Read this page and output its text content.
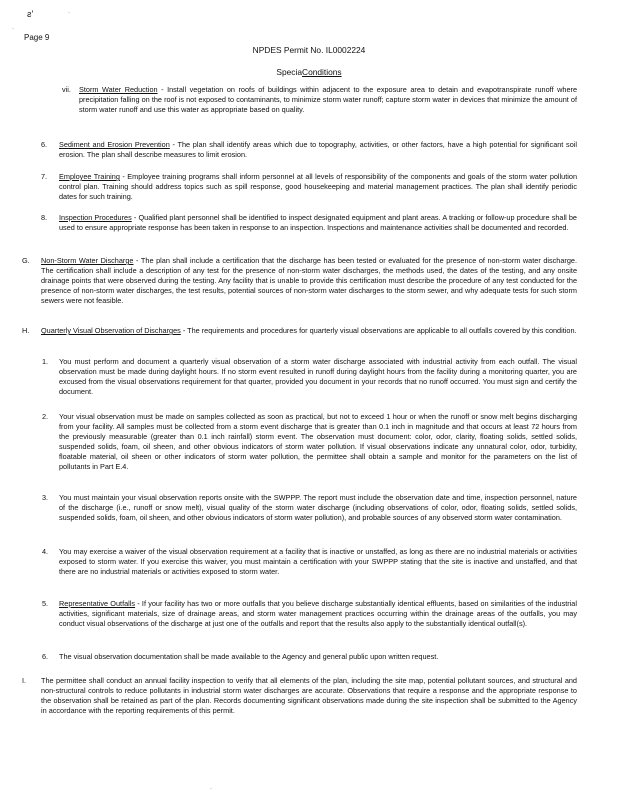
ƨ'	·
·
·
Page 9
NPDES Permit No. IL0002224
SpeciaConditions
vii. Storm Water Reduction - Install vegetation on roofs of buildings within adjacent to the exposure area to detain and evapotranspirate runoff where precipitation falling on the roof is not exposed to contaminants, to minimize storm water runoff; capture storm water in devices that minimize the amount of storm water runoff and use this water as appropriate based on quality.
6. Sediment and Erosion Prevention - The plan shall identify areas which due to topography, activities, or other factors, have a high potential for significant soil erosion. The plan shall describe measures to limit erosion.
7. Employee Training - Employee training programs shall inform personnel at all levels of responsibility of the components and goals of the storm water pollution control plan. Training should address topics such as spill response, good housekeeping and material management practices. The plan shall identify periodic dates for such training.
8. Inspection Procedures - Qualified plant personnel shall be identified to inspect designated equipment and plant areas. A tracking or follow-up procedure shall be used to ensure appropriate response has been taken in response to an inspection. Inspections and maintenance activities shall be documented and recorded.
G. Non-Storm Water Discharge - The plan shall include a certification that the discharge has been tested or evaluated for the presence of non-storm water discharge. The certification shall include a description of any test for the presence of non-storm water discharges, the methods used, the dates of the testing, and any onsite drainage points that were observed during the testing. Any facility that is unable to provide this certification must describe the procedure of any test conducted for the presence of non-storm water discharges, the test results, potential sources of non-storm water discharges to the storm sewer, and why adequate tests for such storm sewers were not feasible.
H. Quarterly Visual Observation of Discharges - The requirements and procedures for quarterly visual observations are applicable to all outfalls covered by this condition.
1. You must perform and document a quarterly visual observation of a storm water discharge associated with industrial activity from each outfall. The visual observation must be made during daylight hours. If no storm event resulted in runoff during daylight hours from the facility during a monitoring quarter, you are excused from the visual observations requirement for that quarter, provided you document in your records that no runoff occurred. You must sign and certify the document.
2. Your visual observation must be made on samples collected as soon as practical, but not to exceed 1 hour or when the runoff or snow melt begins discharging from your facility. All samples must be collected from a storm event discharge that is greater than 0.1 inch in magnitude and that occurs at least 72 hours from the previously measurable (greater than 0.1 inch rainfall) storm event. The observation must document: color, odor, clarity, floating solids, settled solids, suspended solids, foam, oil sheen, and other obvious indicators of storm water pollution. If visual observations indicate any unnatural color, odor, turbidity, floatable material, oil sheen or other indicators of storm water pollution, the permittee shall obtain a sample and monitor for the parameters on the list of pollutants in Part E.4.
3. You must maintain your visual observation reports onsite with the SWPPP. The report must include the observation date and time, inspection personnel, nature of the discharge (i.e., runoff or snow melt), visual quality of the storm water discharge (including observations of color, odor, floating solids, settled solids, suspended solids, foam, oil sheen, and other obvious indicators of storm water pollution), and probable sources of any observed storm water contamination.
4. You may exercise a waiver of the visual observation requirement at a facility that is inactive or unstaffed, as long as there are no industrial materials or activities exposed to storm water. If you exercise this waiver, you must maintain a certification with your SWPPP stating that the site is inactive and unstaffed, and that there are no industrial materials or activities exposed to storm water.
5. Representative Outfalls - If your facility has two or more outfalls that you believe discharge substantially identical effluents, based on similarities of the industrial activities, significant materials, size of drainage areas, and storm water management practices occurring within the drainage areas of the outfalls, you may conduct visual observations of the discharge at just one of the outfalls and report that the results also apply to the substantially identical outfall(s).
6. The visual observation documentation shall be made available to the Agency and general public upon written request.
I. The permittee shall conduct an annual facility inspection to verify that all elements of the plan, including the site map, potential pollutant sources, and structural and non-structural controls to reduce pollutants in industrial storm water discharges are accurate. Observations that require a response and the appropriate response to the observation shall be retained as part of the plan. Records documenting significant observations made during the site inspection shall be submitted to the Agency in accordance with the reporting requirements of this permit.
